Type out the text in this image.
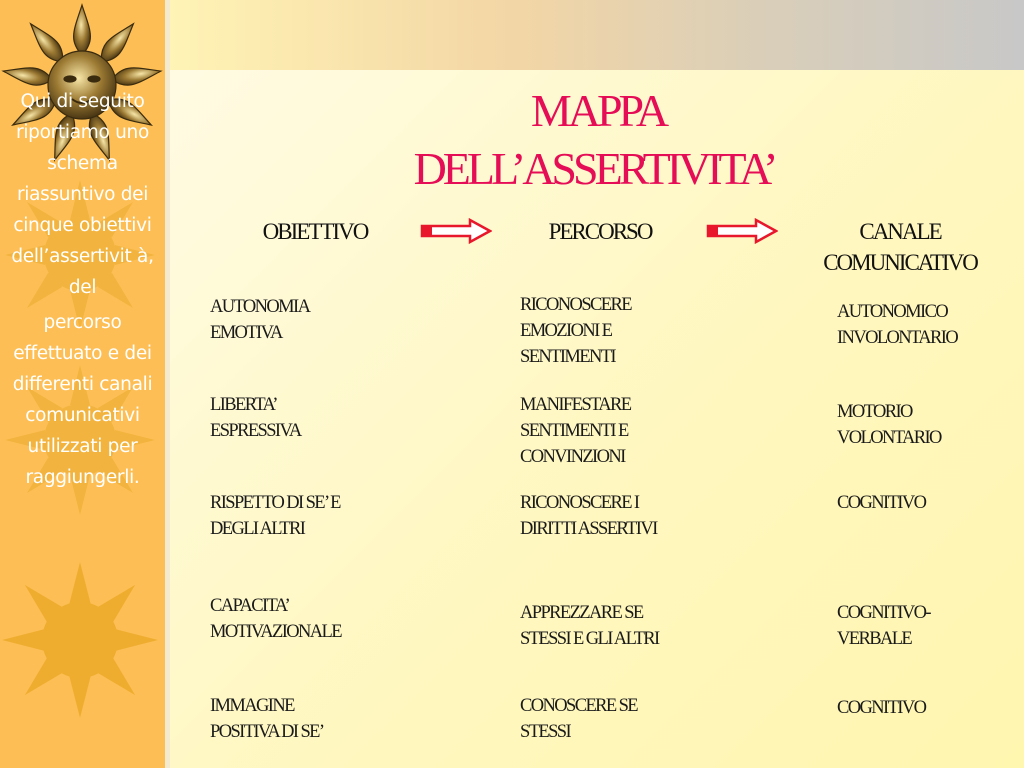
Qui di seguito riportiamo uno schema riassuntivo dei cinque obiettivi dell’assertivit à, del

percorso effettuato e dei differenti canali comunicativi utilizzati per raggiungerli.

MAPPA
DELL’ASSERTIVITA’
OBIETTIVO	PERCORSO	CANALE
COMUNICATIVO
AUTONOMIA
EMOTIVA
RICONOSCERE
EMOZIONI E
SENTIMENTI
AUTONOMICO
INVOLONTARIO
LIBERTA’
ESPRESSIVA
MANIFESTARE
SENTIMENTI E
CONVINZIONI
MOTORIO
VOLONTARIO
RISPETTO DI SE’ E
DEGLI ALTRI
RICONOSCERE I
DIRITTI ASSERTIVI
COGNITIVO
CAPACITA’
MOTIVAZIONALE
APPREZZARE SE
STESSI E GLI ALTRI
COGNITIVO-
VERBALE
IMMAGINE
POSITIVA DI SE’
CONOSCERE SE
STESSI
COGNITIVO
